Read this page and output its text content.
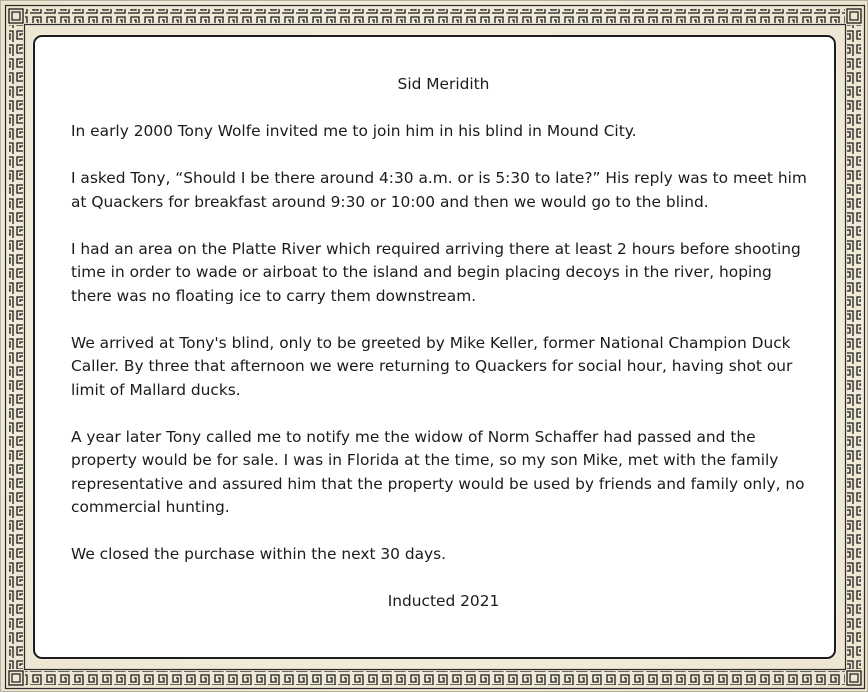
Sid Meridith

In early 2000 Tony Wolfe invited me to join him in his blind in Mound City.

I asked Tony, “Should I be there around 4:30 a.m. or is 5:30 to late?” His reply was to meet him at Quackers for breakfast around 9:30 or 10:00 and then we would go to the blind.

I had an area on the Platte River which required arriving there at least 2 hours before shooting time in order to wade or airboat to the island and begin placing decoys in the river, hoping there was no floating ice to carry them downstream.

We arrived at Tony's blind, only to be greeted by Mike Keller, former National Champion Duck Caller. By three that afternoon we were returning to Quackers for social hour, having shot our limit of Mallard ducks.

A year later Tony called me to notify me the widow of Norm Schaffer had passed and the property would be for sale. I was in Florida at the time, so my son Mike, met with the family representative and assured him that the property would be used by friends and family only, no commercial hunting.

We closed the purchase within the next 30 days.

Inducted 2021
